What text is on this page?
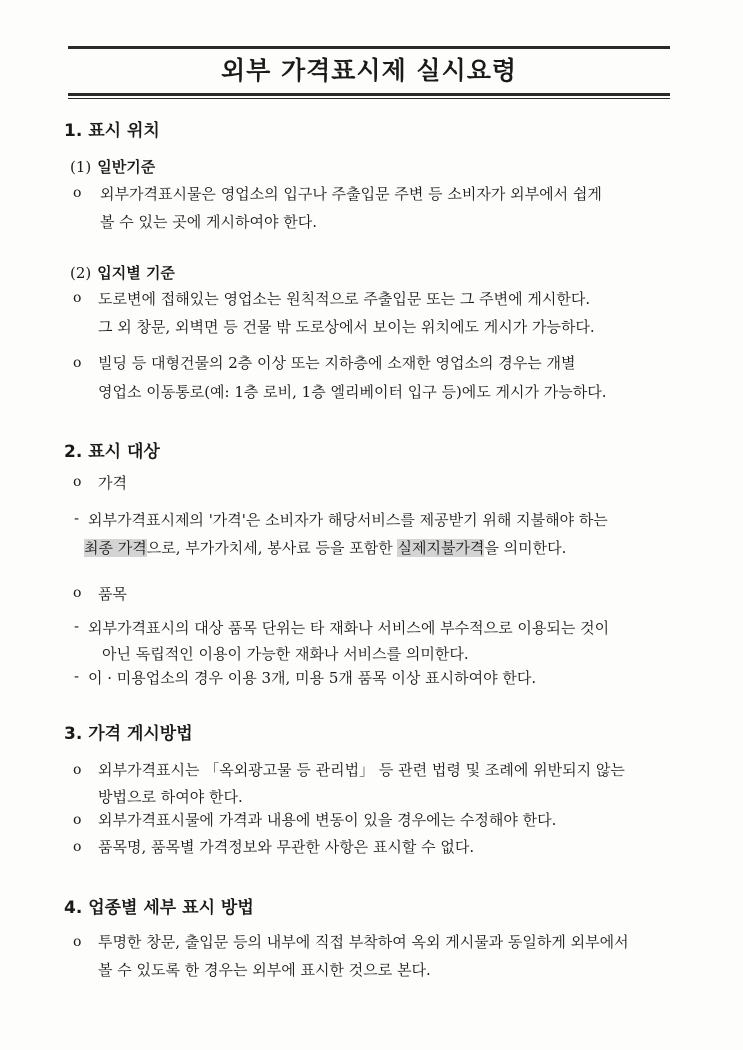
외부 가격표시제 실시요령
1. 표시 위치
(1) 일반기준
o 외부가격표시물은 영업소의 입구나 주출입문 주변 등 소비자가 외부에서 쉽게
볼 수 있는 곳에 게시하여야 한다.
(2) 입지별 기준
o 도로변에 접해있는 영업소는 원칙적으로 주출입문 또는 그 주변에 게시한다.
그 외 창문, 외벽면 등 건물 밖 도로상에서 보이는 위치에도 게시가 가능하다.
o 빌딩 등 대형건물의 2층 이상 또는 지하층에 소재한 영업소의 경우는 개별
영업소 이동통로(예: 1층 로비, 1층 엘리베이터 입구 등)에도 게시가 가능하다.
2. 표시 대상
o 가격
- 외부가격표시제의 '가격'은 소비자가 해당서비스를 제공받기 위해 지불해야 하는
최종 가격으로, 부가가치세, 봉사료 등을 포함한 실제지불가격을 의미한다.
o 품목
- 외부가격표시의 대상 품목 단위는 타 재화나 서비스에 부수적으로 이용되는 것이
아닌 독립적인 이용이 가능한 재화나 서비스를 의미한다.
- 이 · 미용업소의 경우 이용 3개, 미용 5개 품목 이상 표시하여야 한다.
3. 가격 게시방법
o 외부가격표시는 「옥외광고물 등 관리법」 등 관련 법령 및 조례에 위반되지 않는
방법으로 하여야 한다.
o 외부가격표시물에 가격과 내용에 변동이 있을 경우에는 수정해야 한다.
o 품목명, 품목별 가격정보와 무관한 사항은 표시할 수 없다.
4. 업종별 세부 표시 방법
o 투명한 창문, 출입문 등의 내부에 직접 부착하여 옥외 게시물과 동일하게 외부에서
볼 수 있도록 한 경우는 외부에 표시한 것으로 본다.
